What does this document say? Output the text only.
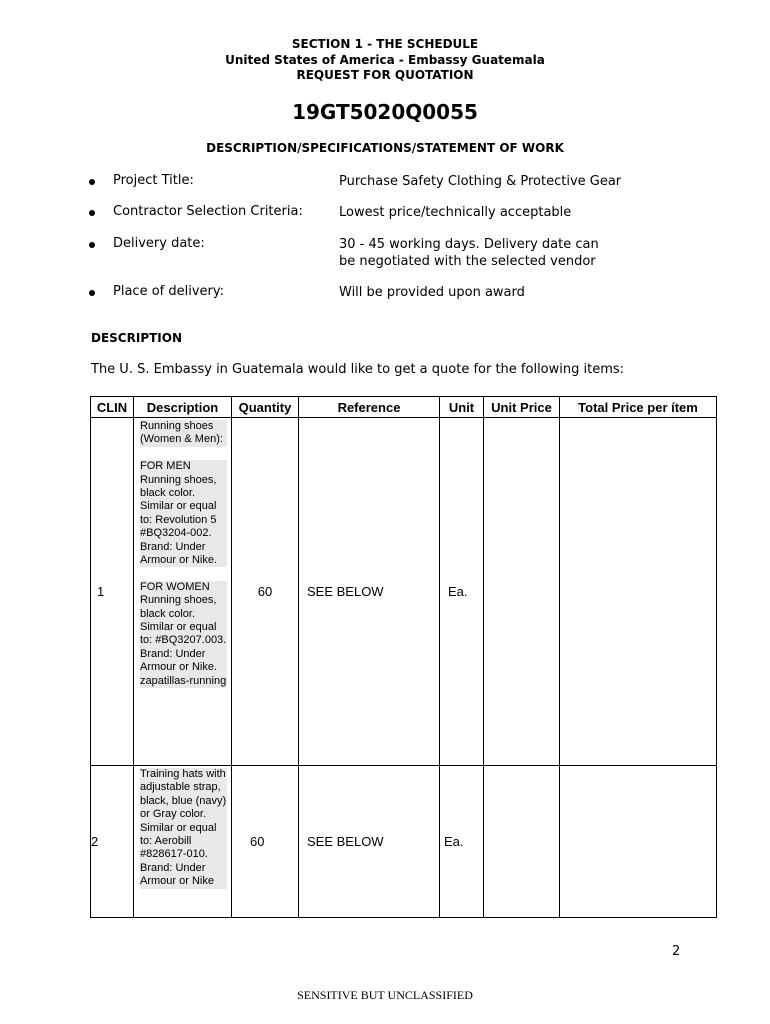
SECTION 1 - THE SCHEDULE
United States of America - Embassy Guatemala
REQUEST FOR QUOTATION
19GT5020Q0055
DESCRIPTION/SPECIFICATIONS/STATEMENT OF WORK
Project Title:	Purchase Safety Clothing & Protective Gear
Contractor Selection Criteria:	Lowest price/technically acceptable
Delivery date:	30 - 45 working days. Delivery date can be negotiated with the selected vendor
Place of delivery:	Will be provided upon award
DESCRIPTION
The U. S. Embassy in Guatemala would like to get a quote for the following items:
CLIN	Description	Quantity	Reference	Unit	Unit Price	Total Price per ítem
1	Running shoes (Women & Men):
FOR MEN Running shoes, black color. Similar or equal to: Revolution 5 #BQ3204-002. Brand: Under Armour or Nike.
FOR WOMEN Running shoes, black color. Similar or equal to: #BQ3207.003. Brand: Under Armour or Nike. zapatillas-running	60	SEE BELOW	Ea.		
2	Training hats with adjustable strap, black, blue (navy) or Gray color. Similar or equal to: Aerobill #828617-010. Brand: Under Armour or Nike	60	SEE BELOW	Ea.		
2
SENSITIVE BUT UNCLASSIFIED
